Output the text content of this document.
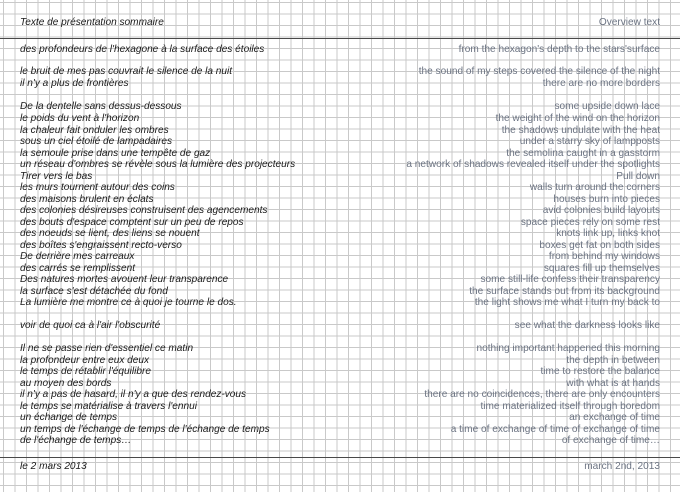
Texte de présentation sommaire	Overview text
des profondeurs de l'hexagone à la surface des étoiles	from the hexagon's depth to the stars'surface
le bruit de mes pas couvrait le silence de la nuit	the sound of my steps covered the silence of the night
il n'y a plus de frontières	there are no more borders
De la dentelle sans dessus-dessous	some upside down lace
le poids du vent à l'horizon	the weight of the wind on the horizon
la chaleur fait onduler les ombres	the shadows undulate with the heat
sous un ciel étoilé de lampadaires	under a starry sky of lampposts
la semoule prise dans une tempête de gaz	the semolina caught in a gasstorm
un réseau d'ombres se révèle sous la lumière des projecteurs	a network of shadows revealed itself under the spotlights
Tirer vers le bas	Pull down
les murs tournent autour des coins	walls turn around the corners
des maisons brulent en éclats	houses burn into pieces
des colonies désireuses construisent des agencements	avid colonies build layouts
des bouts d'espace comptent sur un peu de repos	space pieces rely on some rest
des noeuds se lient, des liens se nouent	knots link up, links knot
des boîtes s'engraissent recto-verso	boxes get fat on both sides
De derrière mes carreaux	from behind my windows
des carrés se remplissent	squares fill up themselves
Des natures mortes avouent leur transparence	some still-life confess their transparency
la surface s'est détachée du fond	the surface stands out from its background
La lumière me montre ce à quoi je tourne le dos.	the light shows me what I turn my back to
voir de quoi ca à l'air l'obscurité	see what the darkness looks like
Il ne se passe rien d'essentiel ce matin	nothing important happened this morning
la profondeur entre eux deux	the depth in between
le temps de rétablir l'équilibre	time to restore the balance
au moyen des bords	with what is at hands
il n'y a pas de hasard, il n'y a que des rendez-vous	there are no coincidences, there are only encounters
le temps se matérialise à travers l'ennui	time materialized itself through boredom
un échange de temps	an exchange of time
un temps de l'échange de temps de l'échange de temps	a time of exchange of time of exchange of time
de l'échange de temps…	of exchange of time…
le 2 mars 2013	march 2nd, 2013
